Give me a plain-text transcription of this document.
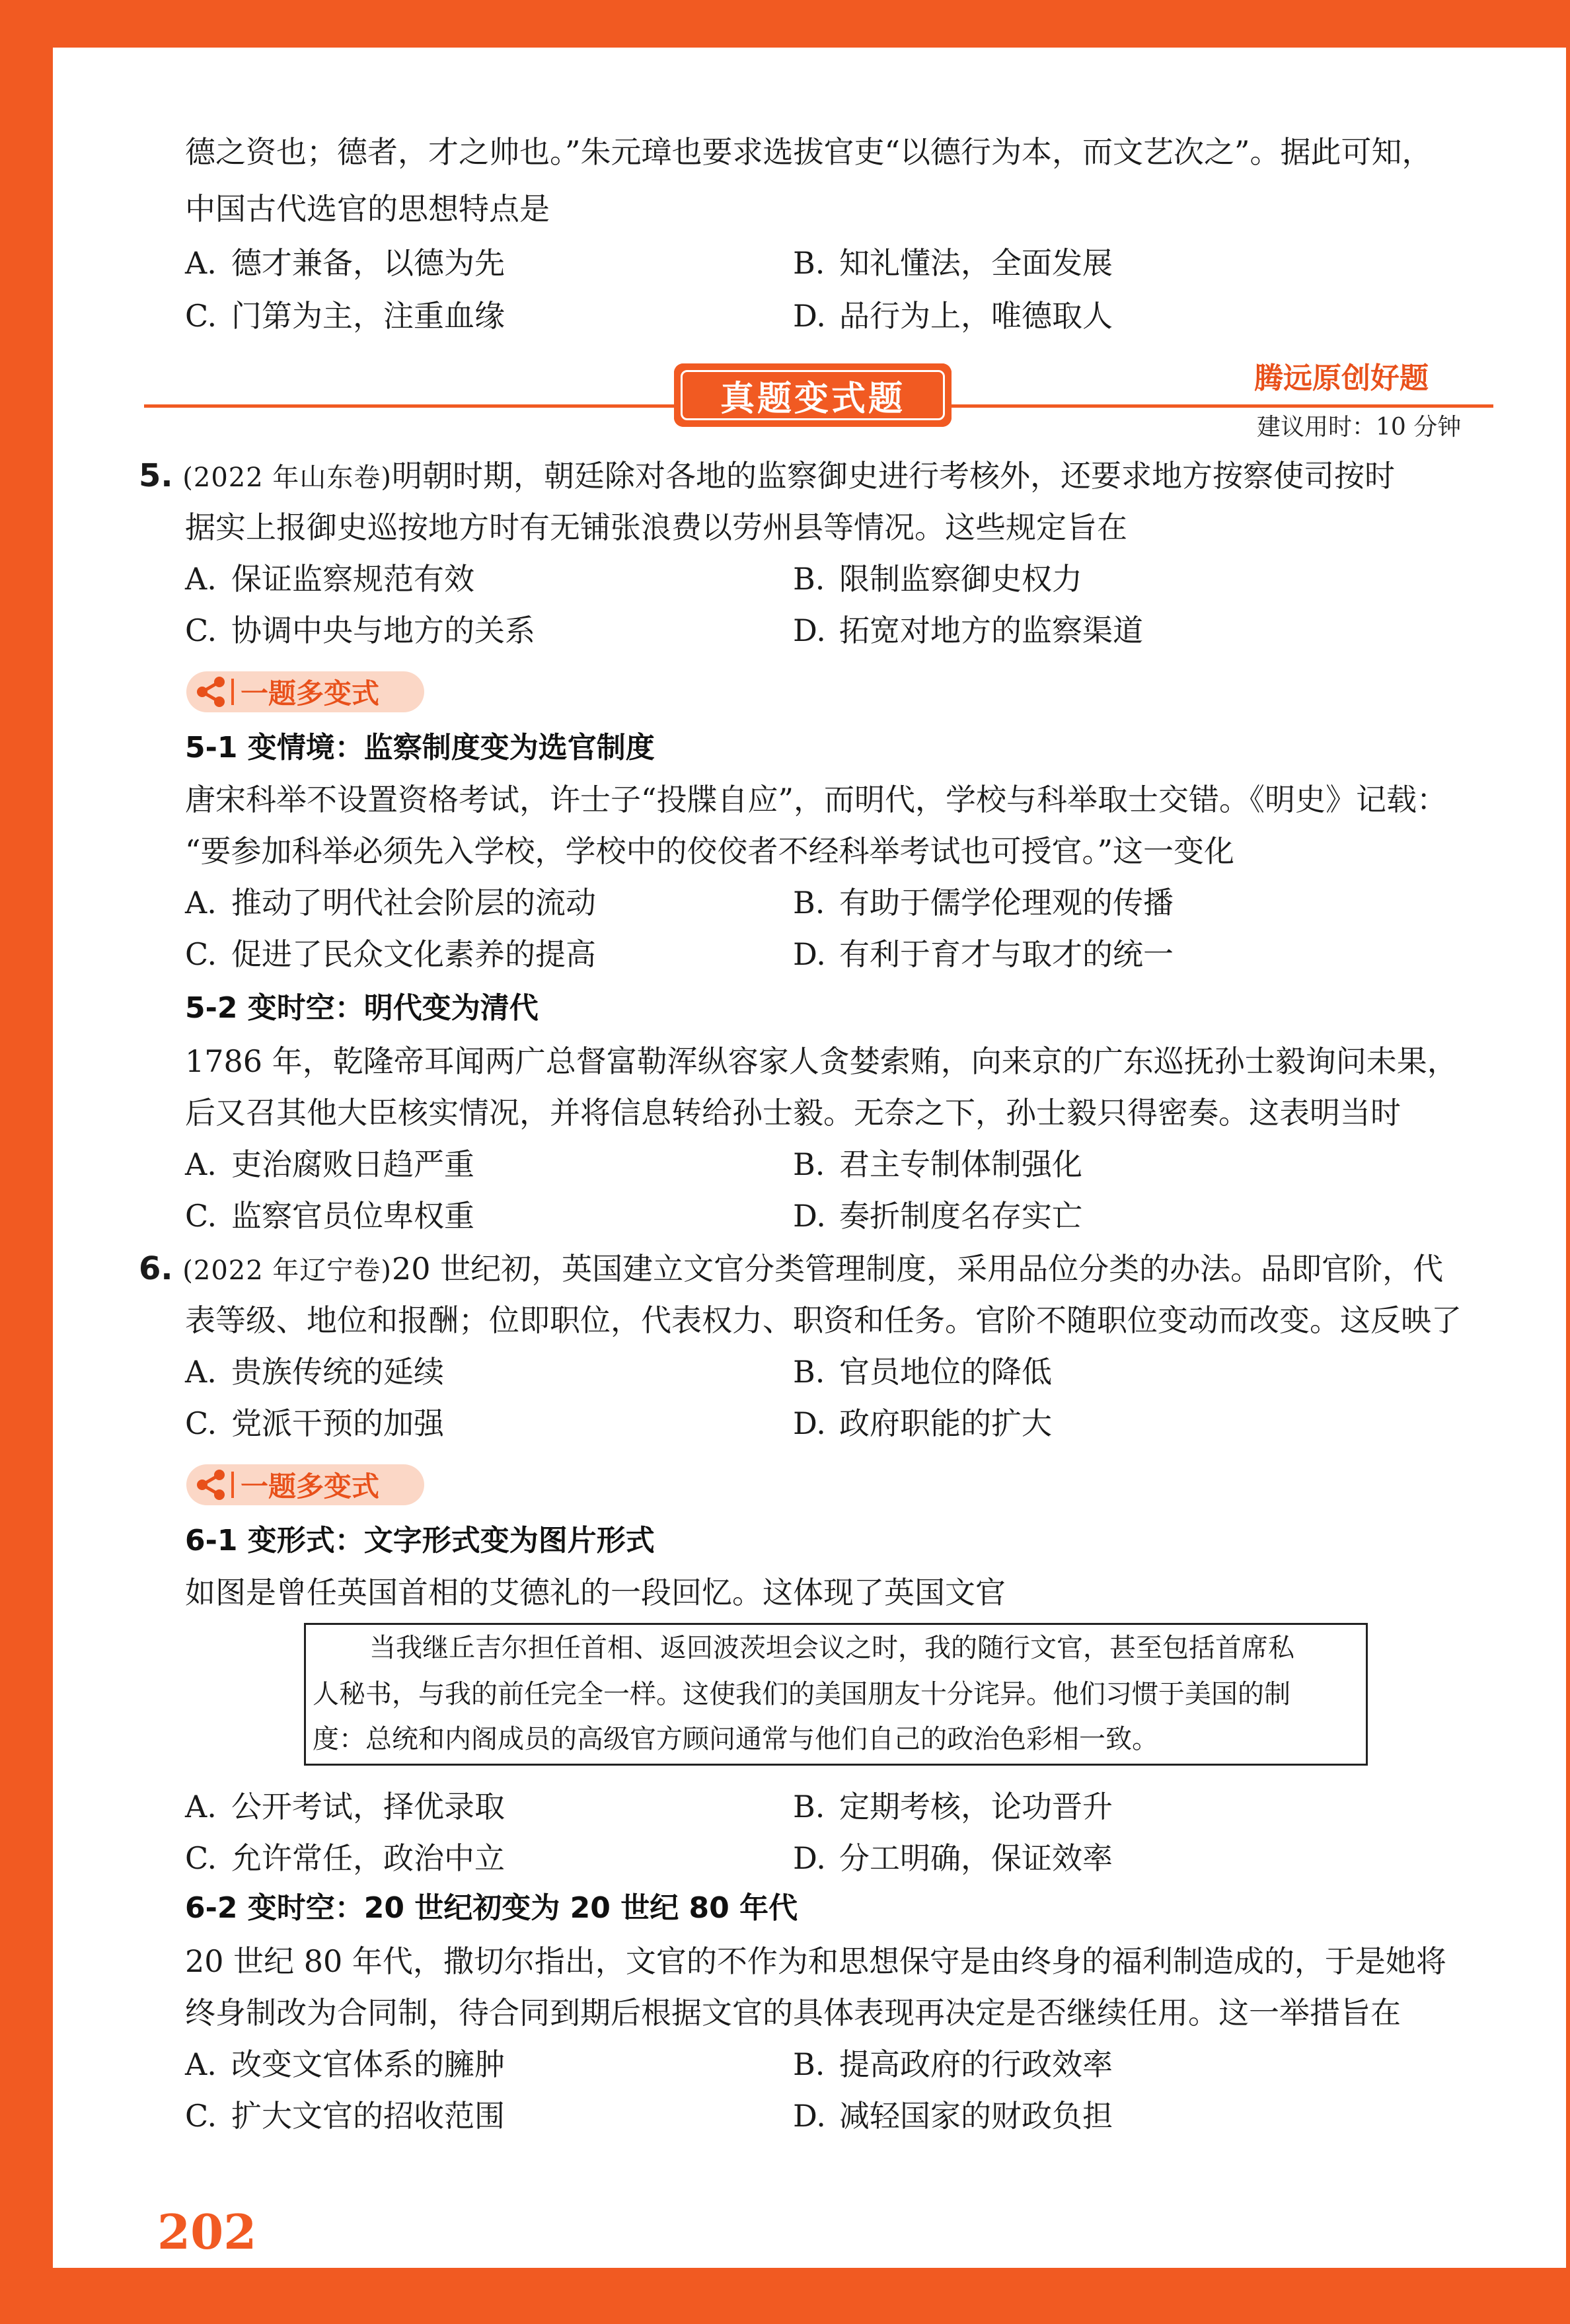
德之资也；德者，才之帅也。”朱元璋也要求选拔官吏“以德行为本，而文艺次之”。据此可知，
中国古代选官的思想特点是
A. 德才兼备，以德为先	B. 知礼懂法，全面发展
C. 门第为主，注重血缘	D. 品行为上，唯德取人
真题变式题
腾远原创好题
建议用时：10 分钟
5. (2022 年山东卷)明朝时期，朝廷除对各地的监察御史进行考核外，还要求地方按察使司按时
据实上报御史巡按地方时有无铺张浪费以劳州县等情况。这些规定旨在
A. 保证监察规范有效	B. 限制监察御史权力
C. 协调中央与地方的关系	D. 拓宽对地方的监察渠道
一题多变式
5-1 变情境：监察制度变为选官制度
唐宋科举不设置资格考试，许士子“投牒自应”，而明代，学校与科举取士交错。《明史》记载：
“要参加科举必须先入学校，学校中的佼佼者不经科举考试也可授官。”这一变化
A. 推动了明代社会阶层的流动	B. 有助于儒学伦理观的传播
C. 促进了民众文化素养的提高	D. 有利于育才与取才的统一
5-2 变时空：明代变为清代
1786 年，乾隆帝耳闻两广总督富勒浑纵容家人贪婪索贿，向来京的广东巡抚孙士毅询问未果，
后又召其他大臣核实情况，并将信息转给孙士毅。无奈之下，孙士毅只得密奏。这表明当时
A. 吏治腐败日趋严重	B. 君主专制体制强化
C. 监察官员位卑权重	D. 奏折制度名存实亡
6. (2022 年辽宁卷)20 世纪初，英国建立文官分类管理制度，采用品位分类的办法。品即官阶，代
表等级、地位和报酬；位即职位，代表权力、职资和任务。官阶不随职位变动而改变。这反映了
A. 贵族传统的延续	B. 官员地位的降低
C. 党派干预的加强	D. 政府职能的扩大
一题多变式
6-1 变形式：文字形式变为图片形式
如图是曾任英国首相的艾德礼的一段回忆。这体现了英国文官
当我继丘吉尔担任首相、返回波茨坦会议之时，我的随行文官，甚至包括首席私
人秘书，与我的前任完全一样。这使我们的美国朋友十分诧异。他们习惯于美国的制
度：总统和内阁成员的高级官方顾问通常与他们自己的政治色彩相一致。
A. 公开考试，择优录取	B. 定期考核，论功晋升
C. 允许常任，政治中立	D. 分工明确，保证效率
6-2 变时空：20 世纪初变为 20 世纪 80 年代
20 世纪 80 年代，撒切尔指出，文官的不作为和思想保守是由终身的福利制造成的，于是她将
终身制改为合同制，待合同到期后根据文官的具体表现再决定是否继续任用。这一举措旨在
A. 改变文官体系的臃肿	B. 提高政府的行政效率
C. 扩大文官的招收范围	D. 减轻国家的财政负担
202
